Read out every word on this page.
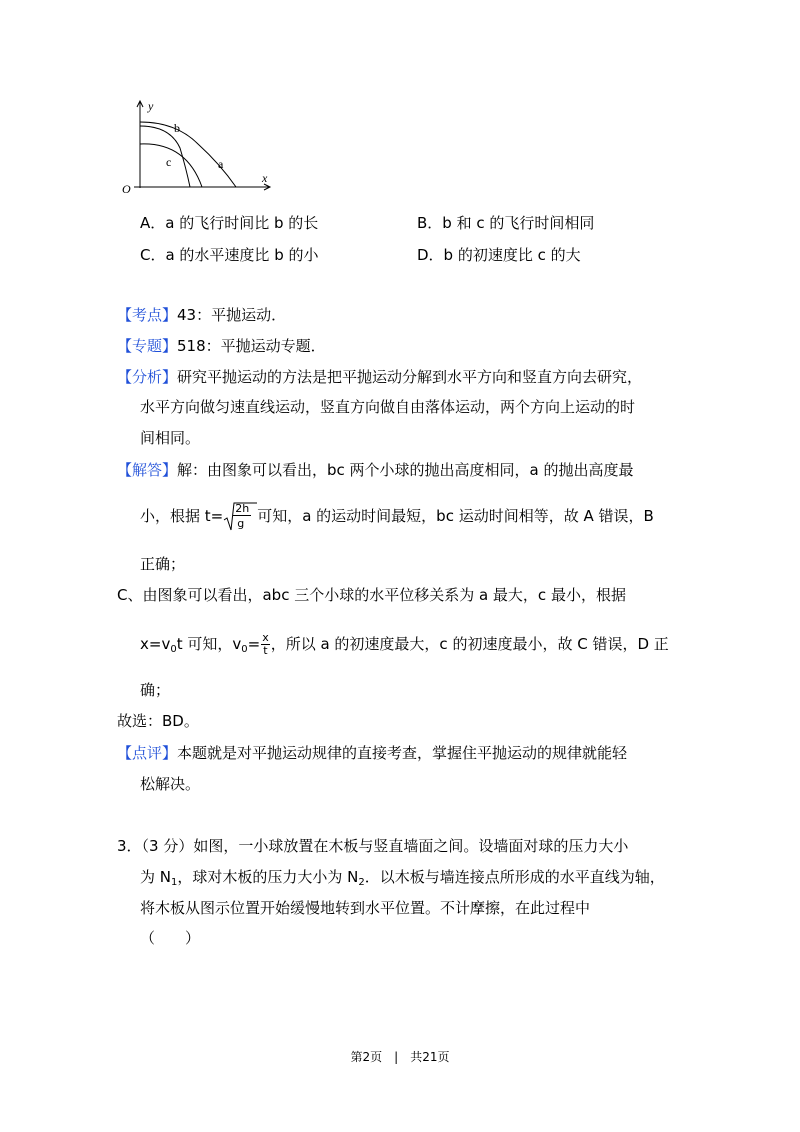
y
x
O
b
c	a
A．a 的飞行时间比 b 的长	B．b 和 c 的飞行时间相同
C．a 的水平速度比 b 的小	D．b 的初速度比 c 的大
【考点】43：平抛运动．
【专题】518：平抛运动专题．
【分析】研究平抛运动的方法是把平抛运动分解到水平方向和竖直方向去研究，
水平方向做匀速直线运动，竖直方向做自由落体运动，两个方向上运动的时
间相同。
【解答】解：由图象可以看出，bc 两个小球的抛出高度相同，a 的抛出高度最
小，根据 $t= \frac{2h}{g}$ 可知，a 的运动时间最短，bc 运动时间相等，故 A 错误，B
正确；
C、由图象可以看出，abc 三个小球的水平位移关系为 a 最大，c 最小，根据
$x=v_0t$ 可知，$v_0= \frac{x}{t}$ ，所以 a 的初速度最大，c 的初速度最小，故 C 错误，D 正
确；
故选：BD。
【点评】本题就是对平抛运动规律的直接考查，掌握住平抛运动的规律就能轻
松解决。
3．（3 分）如图，一小球放置在木板与竖直墙面之间。设墙面对球的压力大小
为 $N_1$，球对木板的压力大小为 $N_2$．以木板与墙连接点所形成的水平直线为轴，
将木板从图示位置开始缓慢地转到水平位置。不计摩擦，在此过程中
（　　）
第2页　|　共21页
